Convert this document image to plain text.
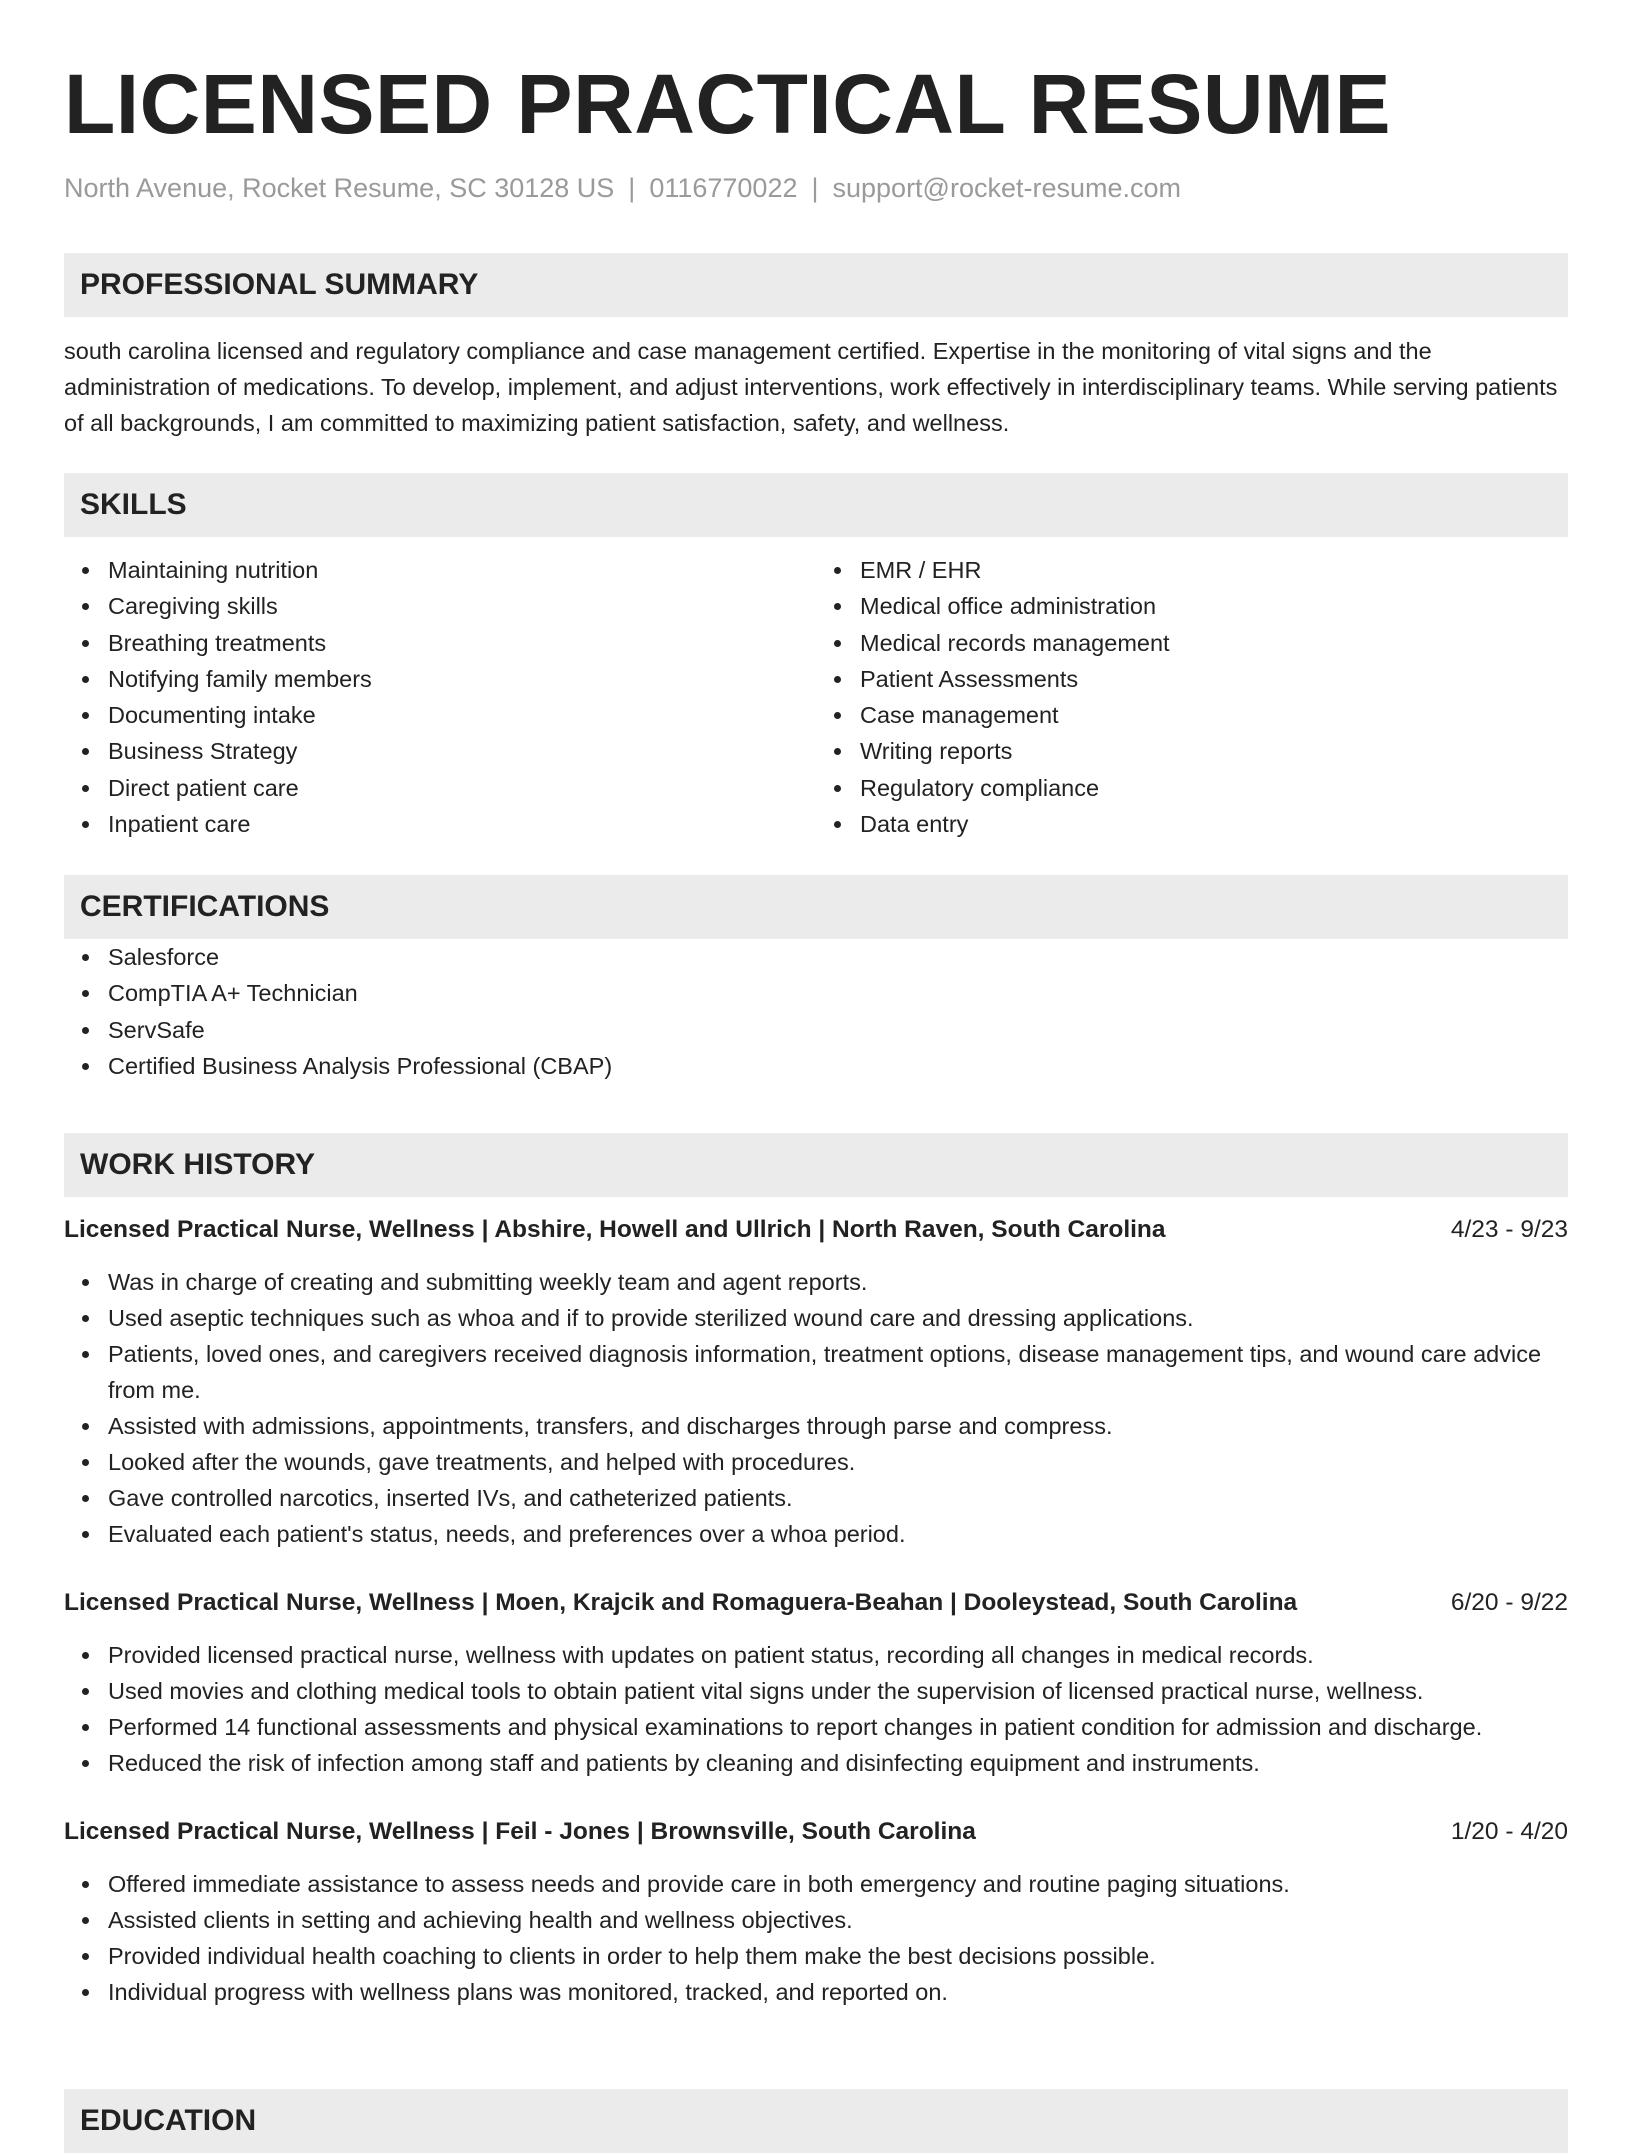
LICENSED PRACTICAL RESUME
North Avenue, Rocket Resume, SC 30128 US | 0116770022 | support@rocket-resume.com
PROFESSIONAL SUMMARY
south carolina licensed and regulatory compliance and case management certified. Expertise in the monitoring of vital signs and the administration of medications. To develop, implement, and adjust interventions, work effectively in interdisciplinary teams. While serving patients of all backgrounds, I am committed to maximizing patient satisfaction, safety, and wellness.
SKILLS
Maintaining nutrition
Caregiving skills
Breathing treatments
Notifying family members
Documenting intake
Business Strategy
Direct patient care
Inpatient care
EMR / EHR
Medical office administration
Medical records management
Patient Assessments
Case management
Writing reports
Regulatory compliance
Data entry
CERTIFICATIONS
Salesforce
CompTIA A+ Technician
ServSafe
Certified Business Analysis Professional (CBAP)
WORK HISTORY
Licensed Practical Nurse, Wellness | Abshire, Howell and Ullrich | North Raven, South Carolina	4/23 - 9/23
Was in charge of creating and submitting weekly team and agent reports.
Used aseptic techniques such as whoa and if to provide sterilized wound care and dressing applications.
Patients, loved ones, and caregivers received diagnosis information, treatment options, disease management tips, and wound care advice from me.
Assisted with admissions, appointments, transfers, and discharges through parse and compress.
Looked after the wounds, gave treatments, and helped with procedures.
Gave controlled narcotics, inserted IVs, and catheterized patients.
Evaluated each patient's status, needs, and preferences over a whoa period.
Licensed Practical Nurse, Wellness | Moen, Krajcik and Romaguera-Beahan | Dooleystead, South Carolina	6/20 - 9/22
Provided licensed practical nurse, wellness with updates on patient status, recording all changes in medical records.
Used movies and clothing medical tools to obtain patient vital signs under the supervision of licensed practical nurse, wellness.
Performed 14 functional assessments and physical examinations to report changes in patient condition for admission and discharge.
Reduced the risk of infection among staff and patients by cleaning and disinfecting equipment and instruments.
Licensed Practical Nurse, Wellness | Feil - Jones | Brownsville, South Carolina	1/20 - 4/20
Offered immediate assistance to assess needs and provide care in both emergency and routine paging situations.
Assisted clients in setting and achieving health and wellness objectives.
Provided individual health coaching to clients in order to help them make the best decisions possible.
Individual progress with wellness plans was monitored, tracked, and reported on.
EDUCATION
